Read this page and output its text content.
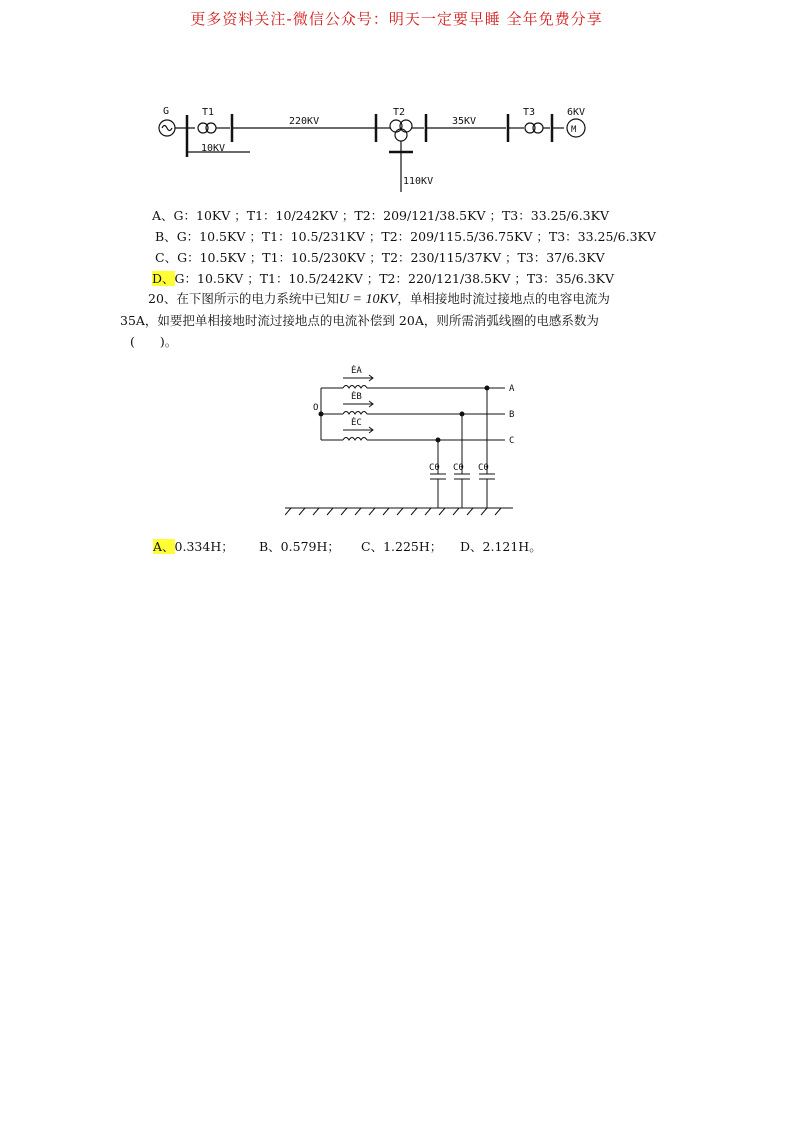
更多资料关注-微信公众号：明天一定要早睡 全年免费分享
G	T1
220KV
T2
35KV
T3	6KV
M
10KV
110KV
A、G：10KV ；T1：10/242KV ；T2：209/121/38.5KV ；T3：33.25/6.3KV
B、G：10.5KV ；T1：10.5/231KV ；T2：209/115.5/36.75KV ；T3：33.25/6.3KV
C、G：10.5KV ；T1：10.5/230KV ；T2：230/115/37KV ；T3：37/6.3KV
D、G：10.5KV ；T1：10.5/242KV ；T2：220/121/38.5KV ；T3：35/6.3KV
20、在下图所示的电力系统中已知U = 10KV，单相接地时流过接地点的电容电流为
35A，如要把单相接地时流过接地点的电流补偿到 20A，则所需消弧线圈的电感系数为
(　　)。
O
ĖA
ĖB
ĖC
A
B
C
C0 C0 C0
A、0.334H； B、0.579H； C、1.225H； D、2.121H。
